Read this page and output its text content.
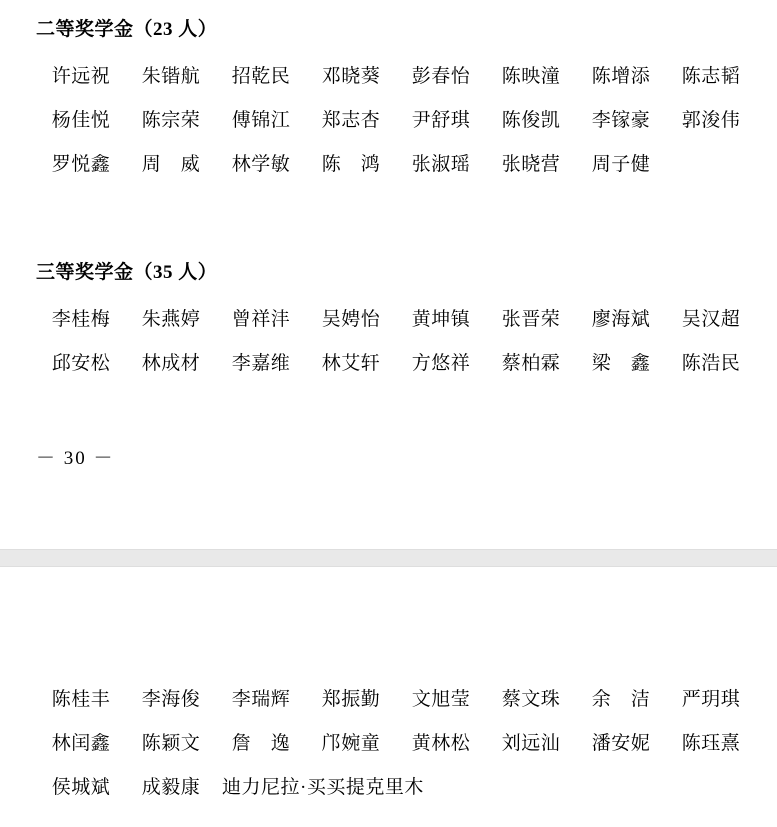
二等奖学金（23 人）
许远祝	朱锴航	招乾民	邓晓葵	彭春怡	陈映潼	陈增添	陈志韬
杨佳悦	陈宗荣	傅锦江	郑志杏	尹舒琪	陈俊凯	李镓豪	郭浚伟
罗悦鑫	周　威	林学敏	陈　鸿	张淑瑶	张晓营	周子健
三等奖学金（35 人）
李桂梅	朱燕婷	曾祥沣	吴娉怡	黄坤镇	张晋荣	廖海斌	吴汉超
邱安松	林成材	李嘉维	林艾轩	方悠祥	蔡柏霖	梁　鑫	陈浩民
－ 30 －
陈桂丰	李海俊	李瑞辉	郑振勤	文旭莹	蔡文珠	余　洁	严玥琪
林闰鑫	陈颖文	詹　逸	邝婉童	黄林松	刘远汕	潘安妮	陈珏熹
侯城斌	成毅康	迪力尼拉·买买提克里木
